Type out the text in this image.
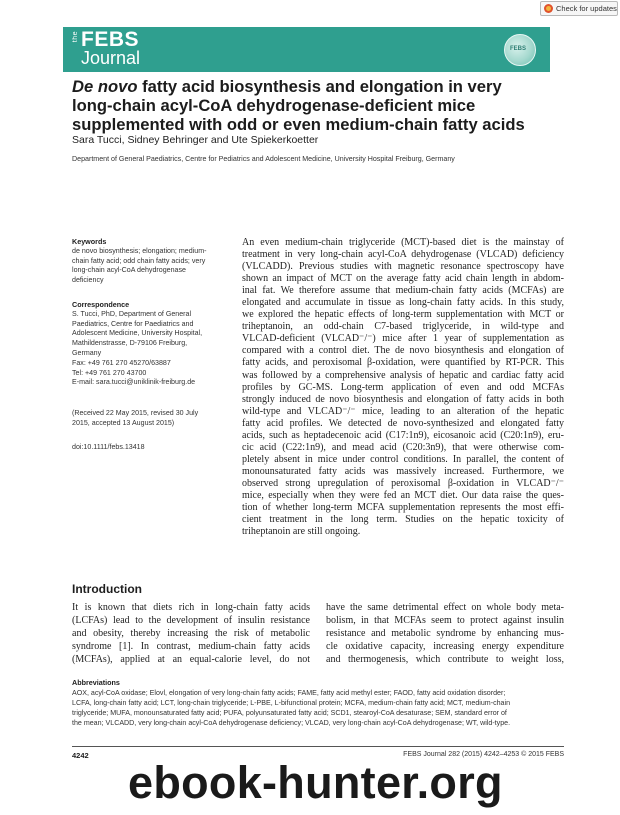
Check for updates
the FEBS
Journal
FEBS
De novo fatty acid biosynthesis and elongation in very
long-chain acyl-CoA dehydrogenase-deficient mice
supplemented with odd or even medium-chain fatty acids
Sara Tucci, Sidney Behringer and Ute Spiekerkoetter
Department of General Paediatrics, Centre for Pediatrics and Adolescent Medicine, University Hospital Freiburg, Germany
Keywords

de novo biosynthesis; elongation; medium-
chain fatty acid; odd chain fatty acids; very
long-chain acyl-CoA dehydrogenase
deficiency

Correspondence

S. Tucci, PhD, Department of General
Paediatrics, Centre for Paediatrics and
Adolescent Medicine, University Hospital,
Mathildenstrasse, D-79106 Freiburg,
Germany
Fax: +49 761 270 45270/63887
Tel: +49 761 270 43700
E-mail: sara.tucci@uniklinik-freiburg.de

(Received 22 May 2015, revised 30 July
2015, accepted 13 August 2015)

doi:10.1111/febs.13418
An even medium-chain triglyceride (MCT)-based diet is the mainstay of
treatment in very long-chain acyl-CoA dehydrogenase (VLCAD) deficiency
(VLCADD). Previous studies with magnetic resonance spectroscopy have
shown an impact of MCT on the average fatty acid chain length in abdom-
inal fat. We therefore assume that medium-chain fatty acids (MCFAs) are
elongated and accumulate in tissue as long-chain fatty acids. In this study,
we explored the hepatic effects of long-term supplementation with MCT or
triheptanoin, an odd-chain C7-based triglyceride, in wild-type and
VLCAD-deficient (VLCAD⁻/⁻) mice after 1 year of supplementation as
compared with a control diet. The de novo biosynthesis and elongation of
fatty acids, and peroxisomal β-oxidation, were quantified by RT-PCR. This
was followed by a comprehensive analysis of hepatic and cardiac fatty acid
profiles by GC-MS. Long-term application of even and odd MCFAs
strongly induced de novo biosynthesis and elongation of fatty acids in both
wild-type and VLCAD⁻/⁻ mice, leading to an alteration of the hepatic
fatty acid profiles. We detected de novo-synthesized and elongated fatty
acids, such as heptadecenoic acid (C17:1n9), eicosanoic acid (C20:1n9), eru-
cic acid (C22:1n9), and mead acid (C20:3n9), that were otherwise com-
pletely absent in mice under control conditions. In parallel, the content of
monounsaturated fatty acids was massively increased. Furthermore, we
observed strong upregulation of peroxisomal β-oxidation in VLCAD⁻/⁻
mice, especially when they were fed an MCT diet. Our data raise the ques-
tion of whether long-term MCFA supplementation represents the most effi-
cient treatment in the long term. Studies on the hepatic toxicity of
triheptanoin are still ongoing.
Introduction
It is known that diets rich in long-chain fatty acids
(LCFAs) lead to the development of insulin resistance
and obesity, thereby increasing the risk of metabolic
syndrome [1]. In contrast, medium-chain fatty acids
(MCFAs), applied at an equal-calorie level, do not
have the same detrimental effect on whole body meta-
bolism, in that MCFAs seem to protect against insulin
resistance and metabolic syndrome by enhancing mus-
cle oxidative capacity, increasing energy expenditure
and thermogenesis, which contribute to weight loss,
Abbreviations
AOX, acyl-CoA oxidase; Elovl, elongation of very long-chain fatty acids; FAME, fatty acid methyl ester; FAOD, fatty acid oxidation disorder;
LCFA, long-chain fatty acid; LCT, long-chain triglyceride; L-PBE, L-bifunctional protein; MCFA, medium-chain fatty acid; MCT, medium-chain
triglyceride; MUFA, monounsaturated fatty acid; PUFA, polyunsaturated fatty acid; SCD1, stearoyl-CoA desaturase; SEM, standard error of
the mean; VLCADD, very long-chain acyl-CoA dehydrogenase deficiency; VLCAD, very long-chain acyl-CoA dehydrogenase; WT, wild-type.
4242	FEBS Journal 282 (2015) 4242–4253 © 2015 FEBS
ebook-hunter.org
